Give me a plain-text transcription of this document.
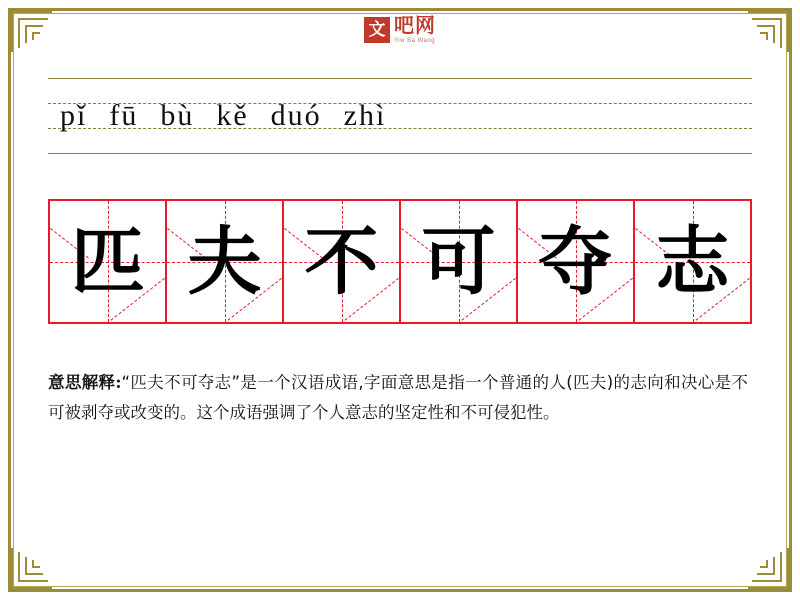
文 吧网
Yiw Ba Wang
pǐ fū bù kě duó zhì
匹 夫 不 可 夺 志
意思解释:“匹夫不可夺志”是一个汉语成语,字面意思是指一个普通的人(匹夫)的志向和决心是不可被剥夺或改变的。这个成语强调了个人意志的坚定性和不可侵犯性。
